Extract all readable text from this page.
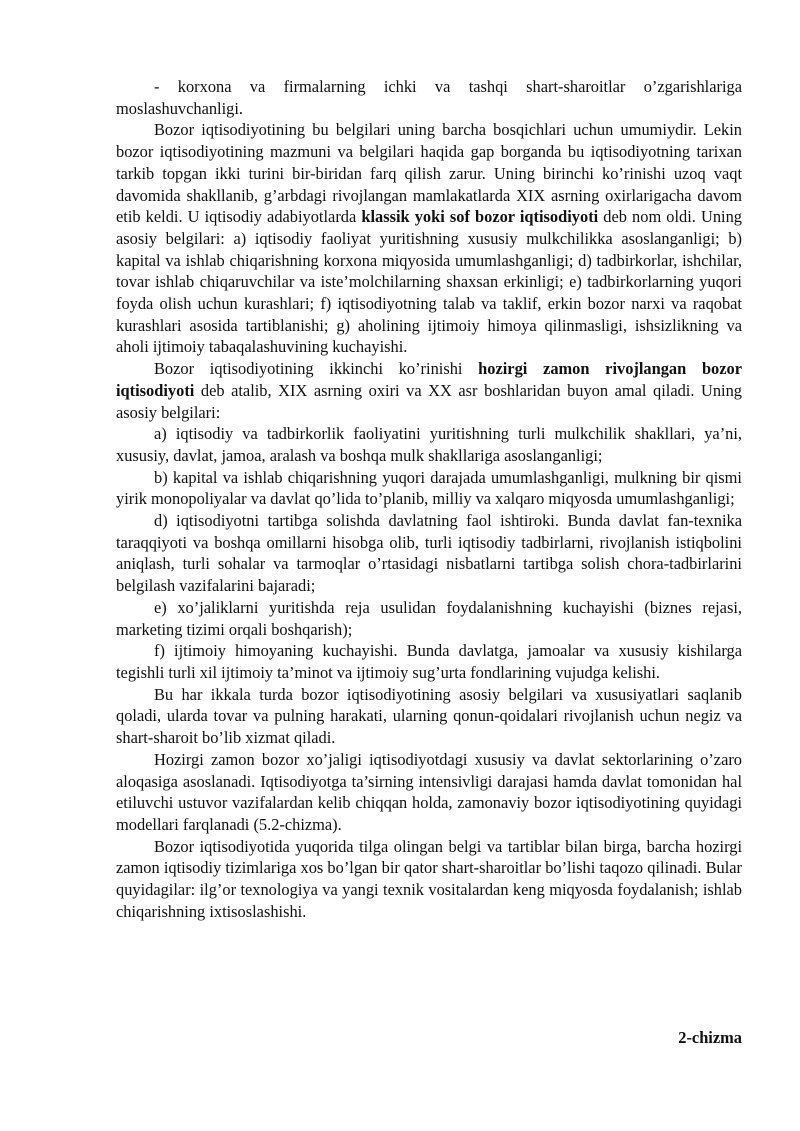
- korxona va firmalarning ichki va tashqi shart-sharoitlar o’zgarishlariga moslashuvchanligi.

Bozor iqtisodiyotining bu belgilari uning barcha bosqichlari uchun umumiydir. Lekin bozor iqtisodiyotining mazmuni va belgilari haqida gap borganda bu iqtisodiyotning tarixan tarkib topgan ikki turini bir-biridan farq qilish zarur. Uning birinchi ko’rinishi uzoq vaqt davomida shakllanib, g’arbdagi rivojlangan mamlakatlarda XIX asrning oxirlarigacha davom etib keldi. U iqtisodiy adabiyotlarda klassik yoki sof bozor iqtisodiyoti deb nom oldi. Uning asosiy belgilari: a) iqtisodiy faoliyat yuritishning xususiy mulkchilikka asoslanganligi; b) kapital va ishlab chiqarishning korxona miqyosida umumlashganligi; d) tadbirkorlar, ishchilar, tovar ishlab chiqaruvchilar va iste’molchilarning shaxsan erkinligi; e) tadbirkorlarning yuqori foyda olish uchun kurashlari; f) iqtisodiyotning talab va taklif, erkin bozor narxi va raqobat kurashlari asosida tartiblanishi; g) aholining ijtimoiy himoya qilinmasligi, ishsizlikning va aholi ijtimoiy tabaqalashuvining kuchayishi.

Bozor iqtisodiyotining ikkinchi ko’rinishi hozirgi zamon rivojlangan bozor iqtisodiyoti deb atalib, XIX asrning oxiri va XX asr boshlaridan buyon amal qiladi. Uning asosiy belgilari:

a) iqtisodiy va tadbirkorlik faoliyatini yuritishning turli mulkchilik shakllari, ya’ni, xususiy, davlat, jamoa, aralash va boshqa mulk shakllariga asoslanganligi;

b) kapital va ishlab chiqarishning yuqori darajada umumlashganligi, mulkning bir qismi yirik monopoliyalar va davlat qo’lida to’planib, milliy va xalqaro miqyosda umumlashganligi;

d) iqtisodiyotni tartibga solishda davlatning faol ishtiroki. Bunda davlat fan-texnika taraqqiyoti va boshqa omillarni hisobga olib, turli iqtisodiy tadbirlarni, rivojlanish istiqbolini aniqlash, turli sohalar va tarmoqlar o’rtasidagi nisbatlarni tartibga solish chora-tadbirlarini belgilash vazifalarini bajaradi;

e) xo’jaliklarni yuritishda reja usulidan foydalanishning kuchayishi (biznes rejasi, marketing tizimi orqali boshqarish);

f) ijtimoiy himoyaning kuchayishi. Bunda davlatga, jamoalar va xususiy kishilarga tegishli turli xil ijtimoiy ta’minot va ijtimoiy sug’urta fondlarining vujudga kelishi.

Bu har ikkala turda bozor iqtisodiyotining asosiy belgilari va xususiyatlari saqlanib qoladi, ularda tovar va pulning harakati, ularning qonun-qoidalari rivojlanish uchun negiz va shart-sharoit bo’lib xizmat qiladi.

Hozirgi zamon bozor xo’jaligi iqtisodiyotdagi xususiy va davlat sektorlarining o’zaro aloqasiga asoslanadi. Iqtisodiyotga ta’sirning intensivligi darajasi hamda davlat tomonidan hal etiluvchi ustuvor vazifalardan kelib chiqqan holda, zamonaviy bozor iqtisodiyotining quyidagi modellari farqlanadi (5.2-chizma).

Bozor iqtisodiyotida yuqorida tilga olingan belgi va tartiblar bilan birga, barcha hozirgi zamon iqtisodiy tizimlariga xos bo’lgan bir qator shart-sharoitlar bo’lishi taqozo qilinadi. Bular quyidagilar: ilg’or texnologiya va yangi texnik vositalardan keng miqyosda foydalanish; ishlab chiqarishning ixtisoslashishi.

2-chizma
